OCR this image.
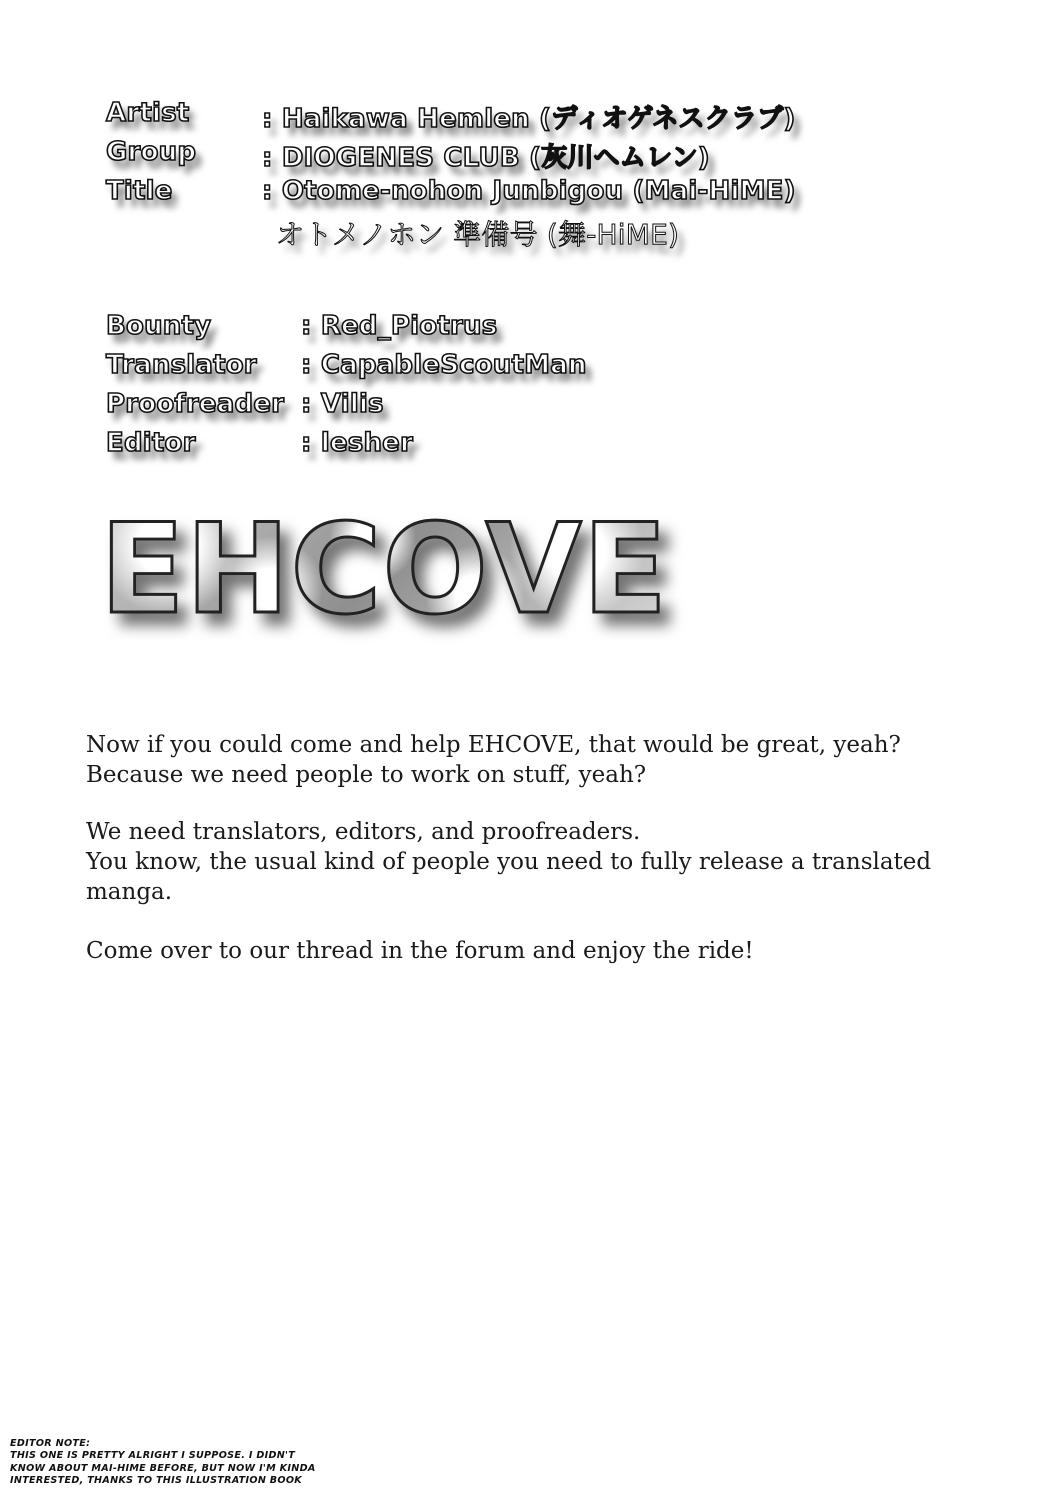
Artist	: Haikawa Hemlen (ディオゲネスクラブ)
Group	: DIOGENES CLUB (灰川ヘムレン)
Title	: Otome-nohon Junbigou (Mai-HiME)
オトメノホン 準備号 (舞-HiME)
Bounty	: Red_Piotrus
Translator	: CapableScoutMan
Proofreader : Vilis
Editor	: lesher
EHCOVE

Now if you could come and help EHCOVE, that would be great, yeah?

Because we need people to work on stuff, yeah?

We need translators, editors, and proofreaders.

You know, the usual kind of people you need to fully release a translated manga.

Come over to our thread in the forum and enjoy the ride!

EDITOR NOTE:
THIS ONE IS PRETTY ALRIGHT I SUPPOSE. I DIDN'T
KNOW ABOUT MAI-HIME BEFORE, BUT NOW I'M KINDA
INTERESTED, THANKS TO THIS ILLUSTRATION BOOK
